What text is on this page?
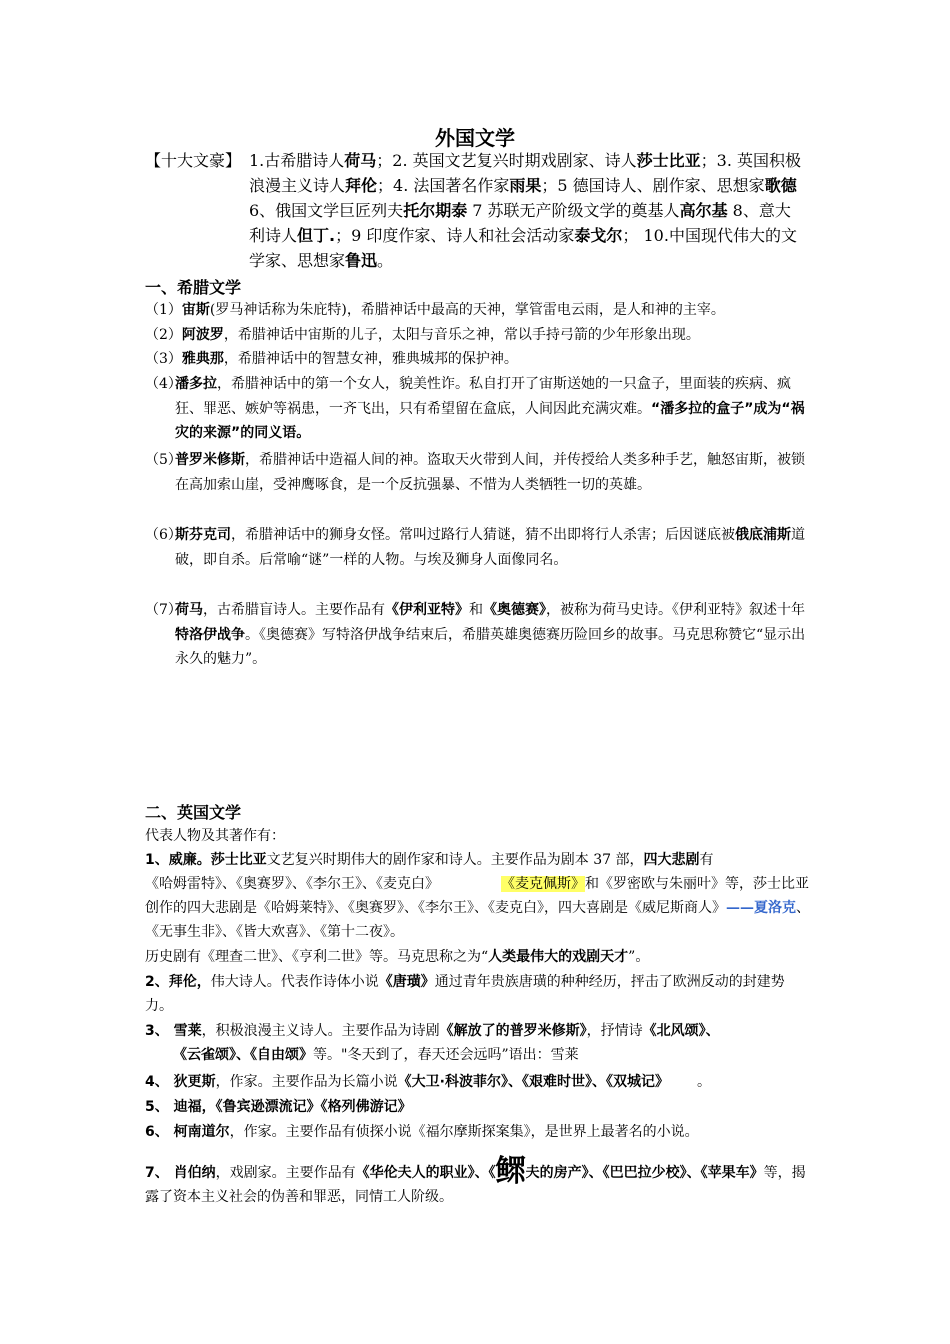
外国文学
【十大文豪】 1.古希腊诗人荷马；2. 英国文艺复兴时期戏剧家、诗人莎士比亚；3. 英国积极浪漫主义诗人拜伦；4. 法国著名作家雨果；5 德国诗人、剧作家、思想家歌德 6、俄国文学巨匠列夫托尔期泰 7 苏联无产阶级文学的奠基人高尔基 8、意大利诗人但丁.；9 印度作家、诗人和社会活动家泰戈尔； 10.中国现代伟大的文学家、思想家鲁迅。
一、希腊文学
（1）宙斯(罗马神话称为朱庇特)，希腊神话中最高的天神，掌管雷电云雨，是人和神的主宰。
（2）阿波罗，希腊神话中宙斯的儿子，太阳与音乐之神，常以手持弓箭的少年形象出现。
（3）雅典那，希腊神话中的智慧女神，雅典城邦的保护神。
（4）
潘多拉，希腊神话中的第一个女人，貌美性诈。私自打开了宙斯送她的一只盒子，里面装的疾病、疯狂、罪恶、嫉妒等祸患，一齐飞出，只有希望留在盒底，人间因此充满灾难。“潘多拉的盒子”成为“祸灾的来源”的同义语。
（5）
普罗米修斯，希腊神话中造福人间的神。盗取天火带到人间，并传授给人类多种手艺，触怒宙斯，被锁在高加索山崖，受神鹰啄食，是一个反抗强暴、不惜为人类牺牲一切的英雄。
（6）
斯芬克司，希腊神话中的狮身女怪。常叫过路行人猜谜，猜不出即将行人杀害；后因谜底被俄底浦斯道破，即自杀。后常喻“谜”一样的人物。与埃及狮身人面像同名。
（7）
荷马，古希腊盲诗人。主要作品有《伊利亚特》和《奥德赛》，被称为荷马史诗。《伊利亚特》叙述十年特洛伊战争。《奥德赛》写特洛伊战争结束后，希腊英雄奥德赛历险回乡的故事。马克思称赞它“显示出永久的魅力”。
二、英国文学
代表人物及其著作有：
1、威廉。莎士比亚文艺复兴时期伟大的剧作家和诗人。主要作品为剧本 37 部，四大悲剧有
《哈姆雷特》、《奥赛罗》、《李尔王》、《麦克白》	《麦克佩斯》和《罗密欧与朱丽叶》等，莎士比亚创作的四大悲剧是《哈姆莱特》、《奥赛罗》、《李尔王》、《麦克白》，四大喜剧是《威尼斯商人》——夏洛克、《无事生非》、《皆大欢喜》、《第十二夜》。
历史剧有《理查二世》、《亨利二世》等。马克思称之为“人类最伟大的戏剧天才”。
2、拜伦，伟大诗人。代表作诗体小说《唐璜》通过青年贵族唐璜的种种经历，抨击了欧洲反动的封建势力。
3、 雪莱，积极浪漫主义诗人。主要作品为诗剧《解放了的普罗米修斯》，抒情诗《北风颂》、
《云雀颂》、《自由颂》等。"冬天到了，春天还会远吗”语出：雪莱
4、 狄更斯，作家。主要作品为长篇小说《大卫·科波菲尔》、《艰难时世》、《双城记》 。
5、 迪福，《鲁宾逊漂流记》《格列佛游记》
6、 柯南道尔，作家。主要作品有侦探小说《福尔摩斯探案集》，是世界上最著名的小说。
7、 肖伯纳，戏剧家。主要作品有《华伦夫人的职业》、《鳏夫的房产》、《巴巴拉少校》、《苹果车》等，揭露了资本主义社会的伪善和罪恶，同情工人阶级。
